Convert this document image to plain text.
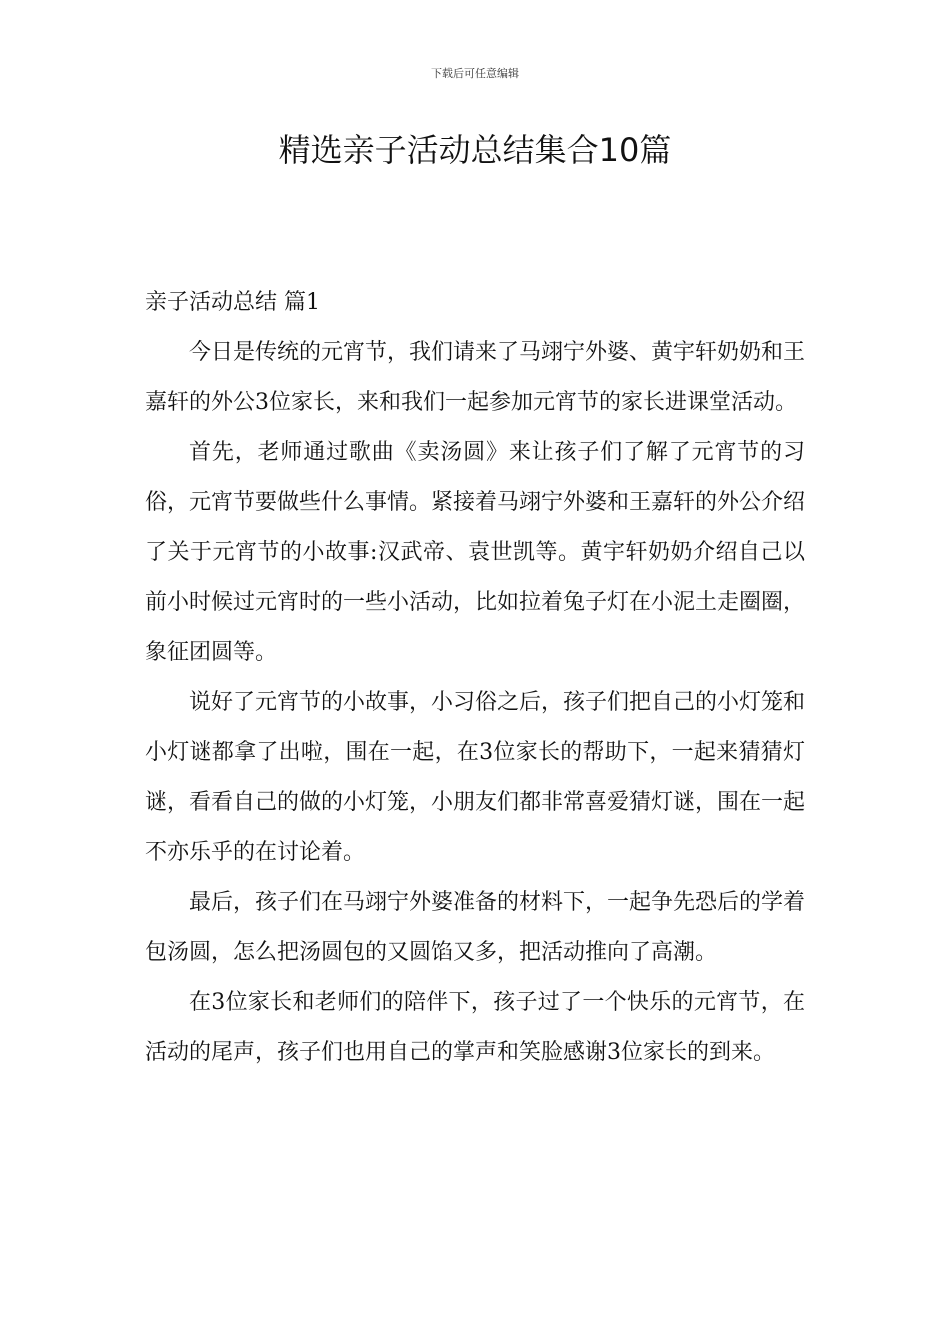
下载后可任意编辑
精选亲子活动总结集合10篇
亲子活动总结 篇1

今日是传统的元宵节，我们请来了马翊宁外婆、黄宇轩奶奶和王嘉轩的外公3位家长，来和我们一起参加元宵节的家长进课堂活动。

首先，老师通过歌曲《卖汤圆》来让孩子们了解了元宵节的习俗，元宵节要做些什么事情。紧接着马翊宁外婆和王嘉轩的外公介绍了关于元宵节的小故事:汉武帝、袁世凯等。黄宇轩奶奶介绍自己以前小时候过元宵时的一些小活动，比如拉着兔子灯在小泥土走圈圈，象征团圆等。

说好了元宵节的小故事，小习俗之后，孩子们把自己的小灯笼和小灯谜都拿了出啦，围在一起，在3位家长的帮助下，一起来猜猜灯谜，看看自己的做的小灯笼，小朋友们都非常喜爱猜灯谜，围在一起不亦乐乎的在讨论着。

最后，孩子们在马翊宁外婆准备的材料下，一起争先恐后的学着包汤圆，怎么把汤圆包的又圆馅又多，把活动推向了高潮。

在3位家长和老师们的陪伴下，孩子过了一个快乐的元宵节，在活动的尾声，孩子们也用自己的掌声和笑脸感谢3位家长的到来。
